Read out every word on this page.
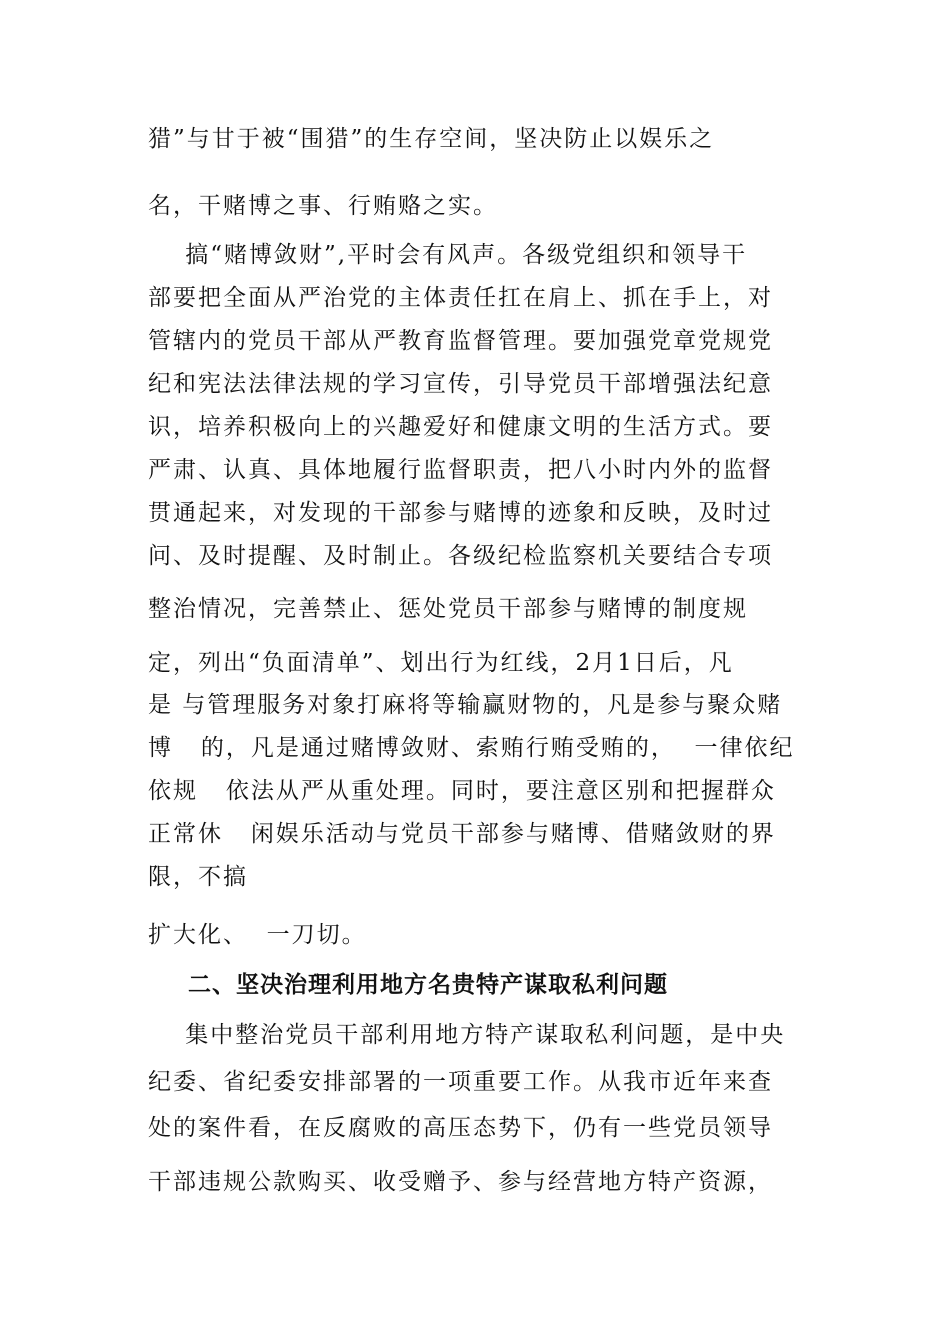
猎”与甘于被“围猎”的生存空间，坚决防止以娱乐之
名，干赌博之事、行贿赂之实。
搞“赌博敛财”,平时会有风声。各级党组织和领导干
部要把全面从严治党的主体责任扛在肩上、抓在手上，对
管辖内的党员干部从严教育监督管理。要加强党章党规党
纪和宪法法律法规的学习宣传，引导党员干部增强法纪意
识，培养积极向上的兴趣爱好和健康文明的生活方式。要
严肃、认真、具体地履行监督职责，把八小时内外的监督
贯通起来，对发现的干部参与赌博的迹象和反映，及时过
问、及时提醒、及时制止。各级纪检监察机关要结合专项
整治情况，完善禁止、惩处党员干部参与赌博的制度规
定，列出“负面清单”、划出行为红线，2月1日后，凡
是 与管理服务对象打麻将等输赢财物的，凡是参与聚众赌
博   的，凡是通过赌博敛财、索贿行贿受贿的，  一律依纪
依规   依法从严从重处理。同时，要注意区别和把握群众
正常休   闲娱乐活动与党员干部参与赌博、借赌敛财的界
限，不搞
扩大化、  一刀切。
二、坚决治理利用地方名贵特产谋取私利问题
集中整治党员干部利用地方特产谋取私利问题，是中央
纪委、省纪委安排部署的一项重要工作。从我市近年来查
处的案件看，在反腐败的高压态势下，仍有一些党员领导
干部违规公款购买、收受赠予、参与经营地方特产资源，
